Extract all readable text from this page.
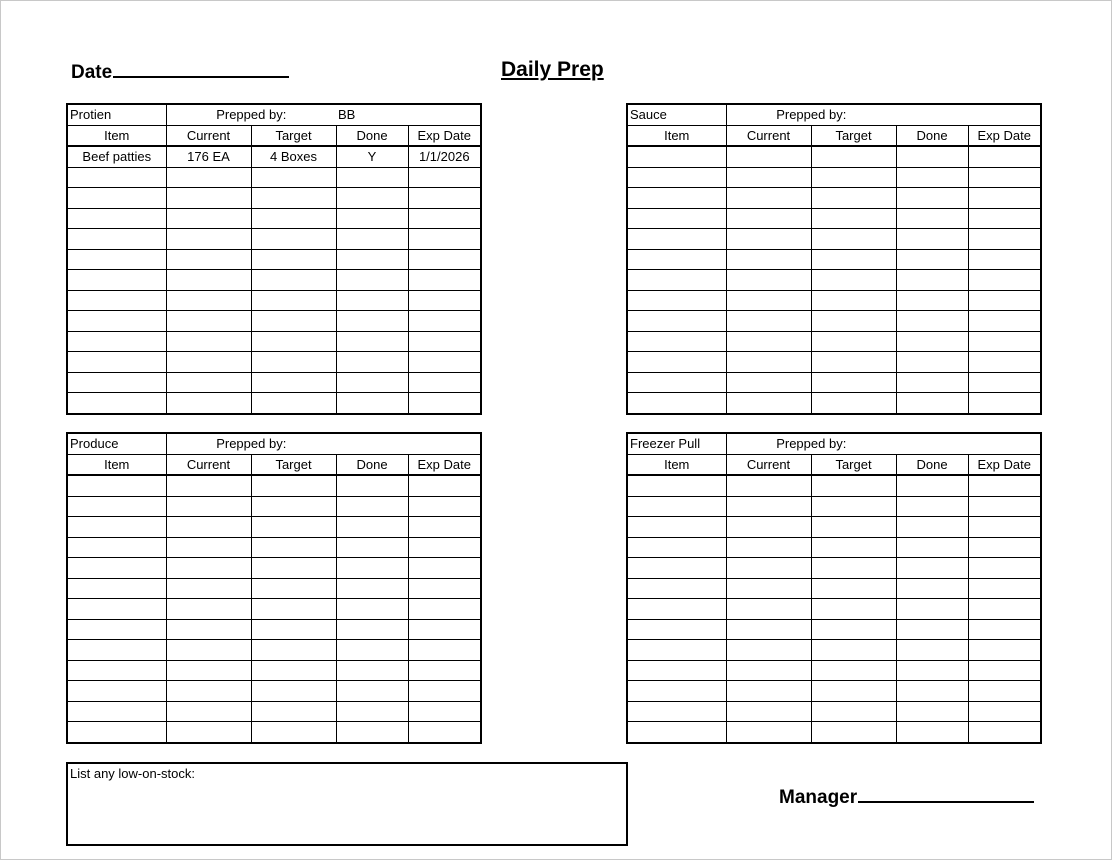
Date	Daily Prep
Protien	Prepped by:		BB	
Item	Current	Target	Done	Exp Date
Beef patties	176 EA	4 Boxes	Y	1/1/2026

Sauce	Prepped by:			
Item	Current	Target	Done	Exp Date

Produce	Prepped by:			
Item	Current	Target	Done	Exp Date

Freezer Pull	Prepped by:			
Item	Current	Target	Done	Exp Date

List any low-on-stock:
Manager
